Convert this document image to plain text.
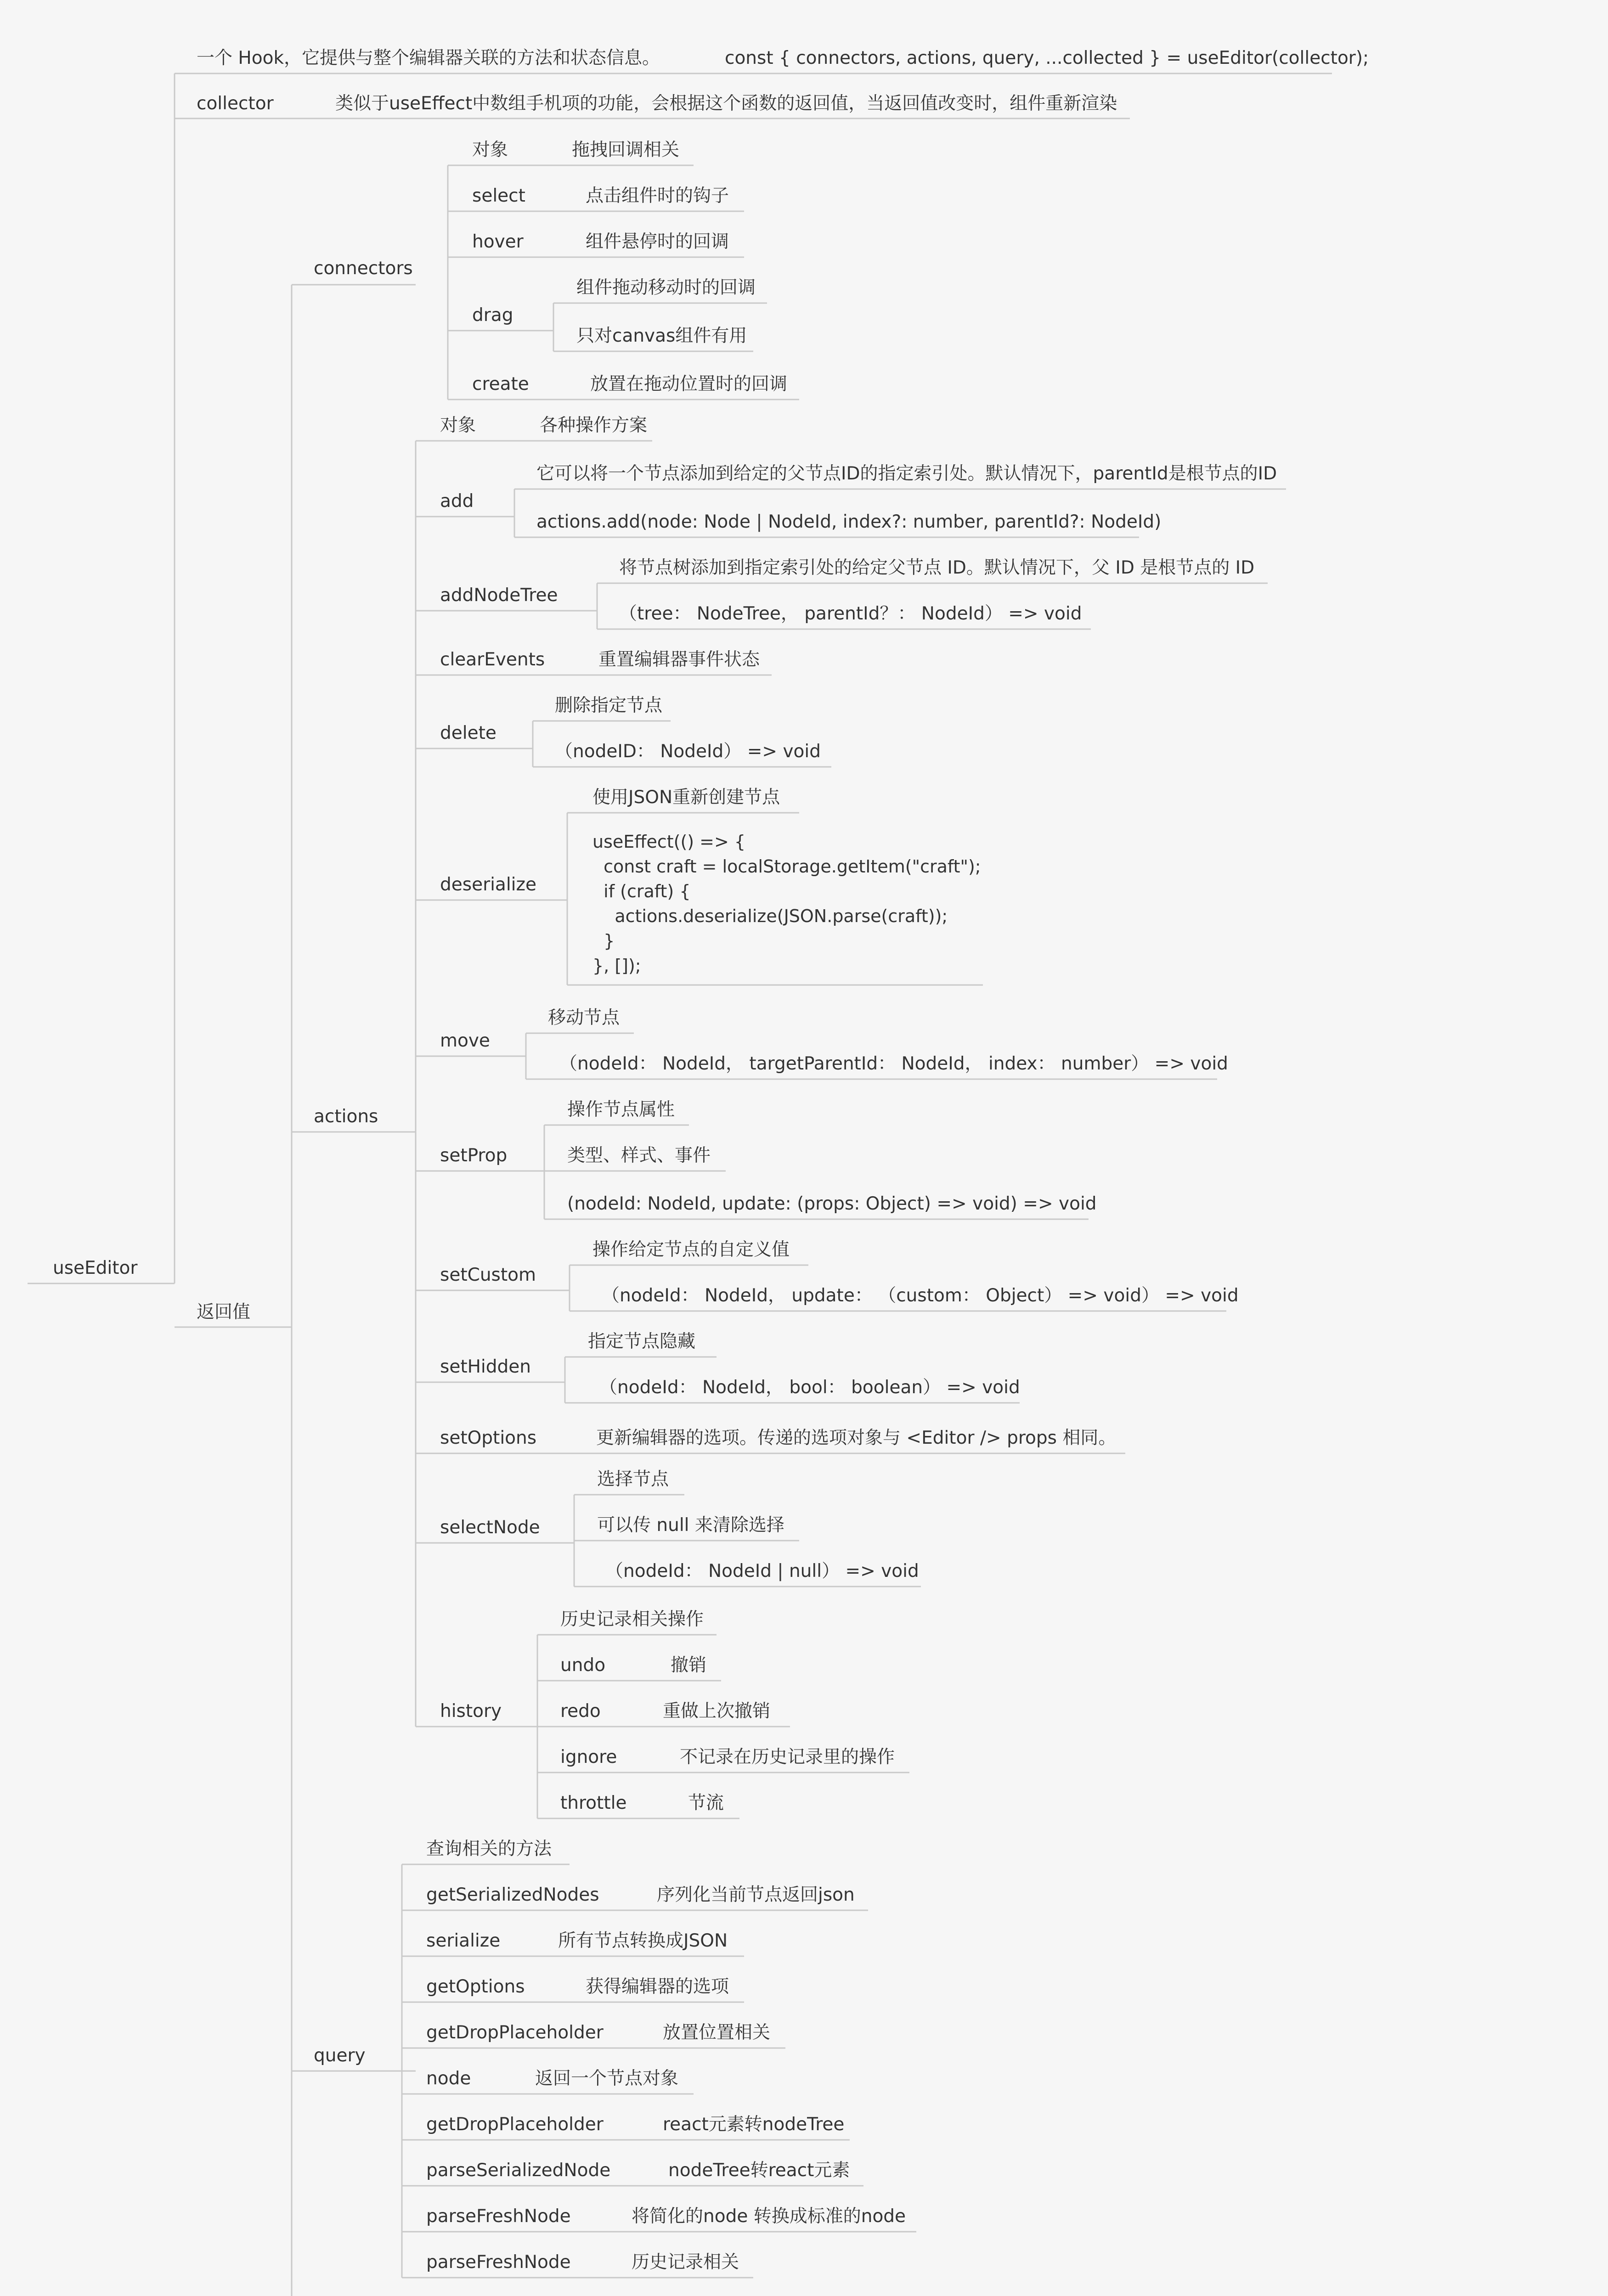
useEditor
一个 Hook，它提供与整个编辑器关联的方法和状态信息。	const { connectors, actions, query, ...collected } = useEditor(collector);
collector	类似于useEffect中数组手机项的功能，会根据这个函数的返回值，当返回值改变时，组件重新渲染
返回值
connectors
对象	拖拽回调相关
select	点击组件时的钩子
hover	组件悬停时的回调
drag
组件拖动移动时的回调
只对canvas组件有用
create	放置在拖动位置时的回调
actions
对象	各种操作方案
add
它可以将一个节点添加到给定的父节点ID的指定索引处。默认情况下，parentId是根节点的ID
actions.add(node: Node | NodeId, index?: number, parentId?: NodeId)
addNodeTree
将节点树添加到指定索引处的给定父节点 ID。默认情况下，父 ID 是根节点的 ID
（tree： NodeTree， parentId？： NodeId） => void
clearEvents	重置编辑器事件状态
delete
删除指定节点
（nodeID： NodeId） => void
deserialize
使用JSON重新创建节点
useEffect(() => {
const craft = localStorage.getItem("craft");
if (craft) {
actions.deserialize(JSON.parse(craft));
}
}, []);
move
移动节点
（nodeId： NodeId， targetParentId： NodeId， index： number） => void
setProp
操作节点属性
类型、样式、事件
(nodeId: NodeId, update: (props: Object) => void) => void
setCustom
操作给定节点的自定义值
（nodeId： NodeId， update： （custom： Object） => void） => void
setHidden
指定节点隐藏
（nodeId： NodeId， bool： boolean） => void
setOptions	更新编辑器的选项。传递的选项对象与 <Editor /> props 相同。
selectNode
选择节点
可以传 null 来清除选择
（nodeId： NodeId | null） => void
history
历史记录相关操作
undo	撤销
redo	重做上次撤销
ignore	不记录在历史记录里的操作
throttle	节流
query
查询相关的方法
getSerializedNodes	序列化当前节点返回json
serialize	所有节点转换成JSON
getOptions	获得编辑器的选项
getDropPlaceholder	放置位置相关
node	返回一个节点对象
getDropPlaceholder	react元素转nodeTree
parseSerializedNode	nodeTree转react元素
parseFreshNode	将简化的node 转换成标准的node
parseFreshNode	历史记录相关
